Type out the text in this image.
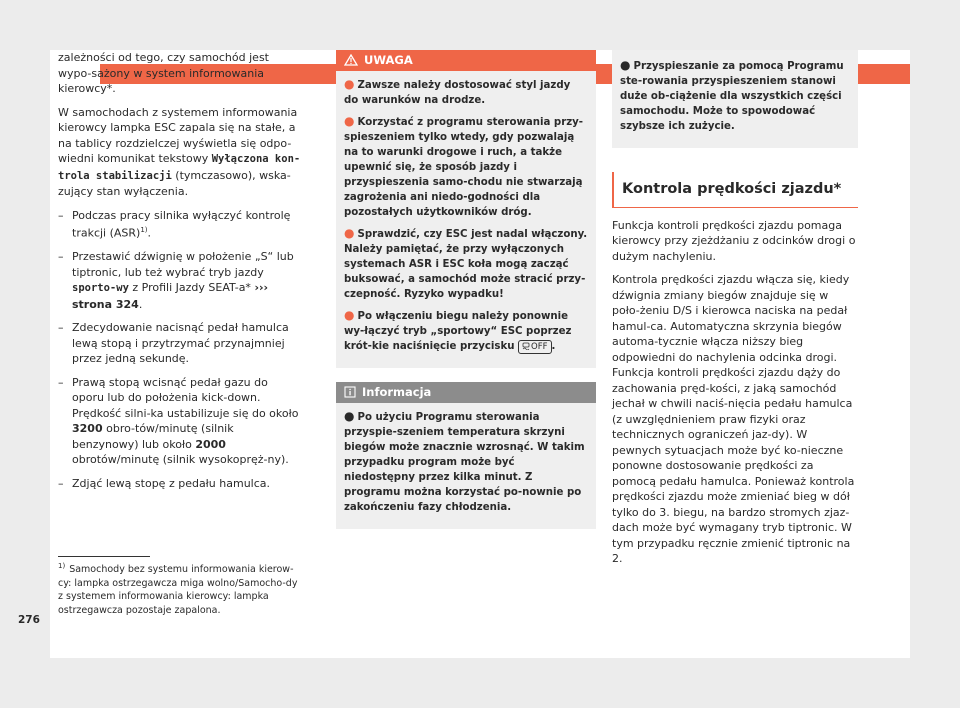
zależności od tego, czy samochód jest wypo-sażony w system informowania kierowcy*.

W samochodach z systemem informowania kierowcy lampka ESC zapala się na stałe, a na tablicy rozdzielczej wyświetla się odpo-wiedni komunikat tekstowy Wyłączona kon-trola stabilizacji (tymczasowo), wska-zujący stan wyłączenia.

– Podczas pracy silnika wyłączyć kontrolę trakcji (ASR)$^{1)}$.
– Przestawić dźwignię w położenie „S“ lub tiptronic, lub też wybrać tryb jazdy sporto-wy z Profili Jazdy SEAT-a* ››› strona 324.
– Zdecydowanie nacisnąć pedał hamulca lewą stopą i przytrzymać przynajmniej przez jedną sekundę.
– Prawą stopą wcisnąć pedał gazu do oporu lub do położenia kick-down. Prędkość silni-ka ustabilizuje się do około 3200 obro-tów/minutę (silnik benzynowy) lub około 2000 obrotów/minutę (silnik wysokopręż-ny).
– Zdjąć lewą stopę z pedału hamulca.
$^{1)}$ Samochody bez systemu informowania kierow-cy: lampka ostrzegawcza miga wolno/Samocho-dy z systemem informowania kierowcy: lampka ostrzegawcza pozostaje zapalona.
276
UWAGA
● Zawsze należy dostosować styl jazdy do warunków na drodze.
● Korzystać z programu sterowania przy-spieszeniem tylko wtedy, gdy pozwalają na to warunki drogowe i ruch, a także upewnić się, że sposób jazdy i przyspieszenia samo-chodu nie stwarzają zagrożenia ani niedo-godności dla pozostałych użytkowników dróg.
● Sprawdzić, czy ESC jest nadal włączony. Należy pamiętać, że przy wyłączonych systemach ASR i ESC koła mogą zacząć buksować, a samochód może stracić przy-czepność. Ryzyko wypadku!
● Po włączeniu biegu należy ponownie wy-łączyć tryb „sportowy“ ESC poprzez krót-kie naciśnięcie przycisku OFF .
Informacja
● Po użyciu Programu sterowania przyspie-szeniem temperatura skrzyni biegów może znacznie wzrosnąć. W takim przypadku program może być niedostępny przez kilka minut. Z programu można korzystać po-nownie po zakończeniu fazy chłodzenia.
● Przyspieszanie za pomocą Programu ste-rowania przyspieszeniem stanowi duże ob-ciążenie dla wszystkich części samochodu. Może to spowodować szybsze ich zużycie.
Kontrola prędkości zjazdu*

Funkcja kontroli prędkości zjazdu pomaga kierowcy przy zjeżdżaniu z odcinków drogi o dużym nachyleniu.

Kontrola prędkości zjazdu włącza się, kiedy dźwignia zmiany biegów znajduje się w poło-żeniu D/S i kierowca naciska na pedał hamul-ca. Automatyczna skrzynia biegów automa-tycznie włącza niższy bieg odpowiedni do nachylenia odcinka drogi. Funkcja kontroli prędkości zjazdu dąży do zachowania pręd-kości, z jaką samochód jechał w chwili naciś-nięcia pedału hamulca (z uwzględnieniem praw fizyki oraz technicznych ograniczeń jaz-dy). W pewnych sytuacjach może być ko-nieczne ponowne dostosowanie prędkości za pomocą pedału hamulca. Ponieważ kontrola prędkości zjazdu może zmieniać bieg w dół tylko do 3. biegu, na bardzo stromych zjaz-dach może być wymagany tryb tiptronic. W tym przypadku ręcznie zmienić tiptronic na 2.
